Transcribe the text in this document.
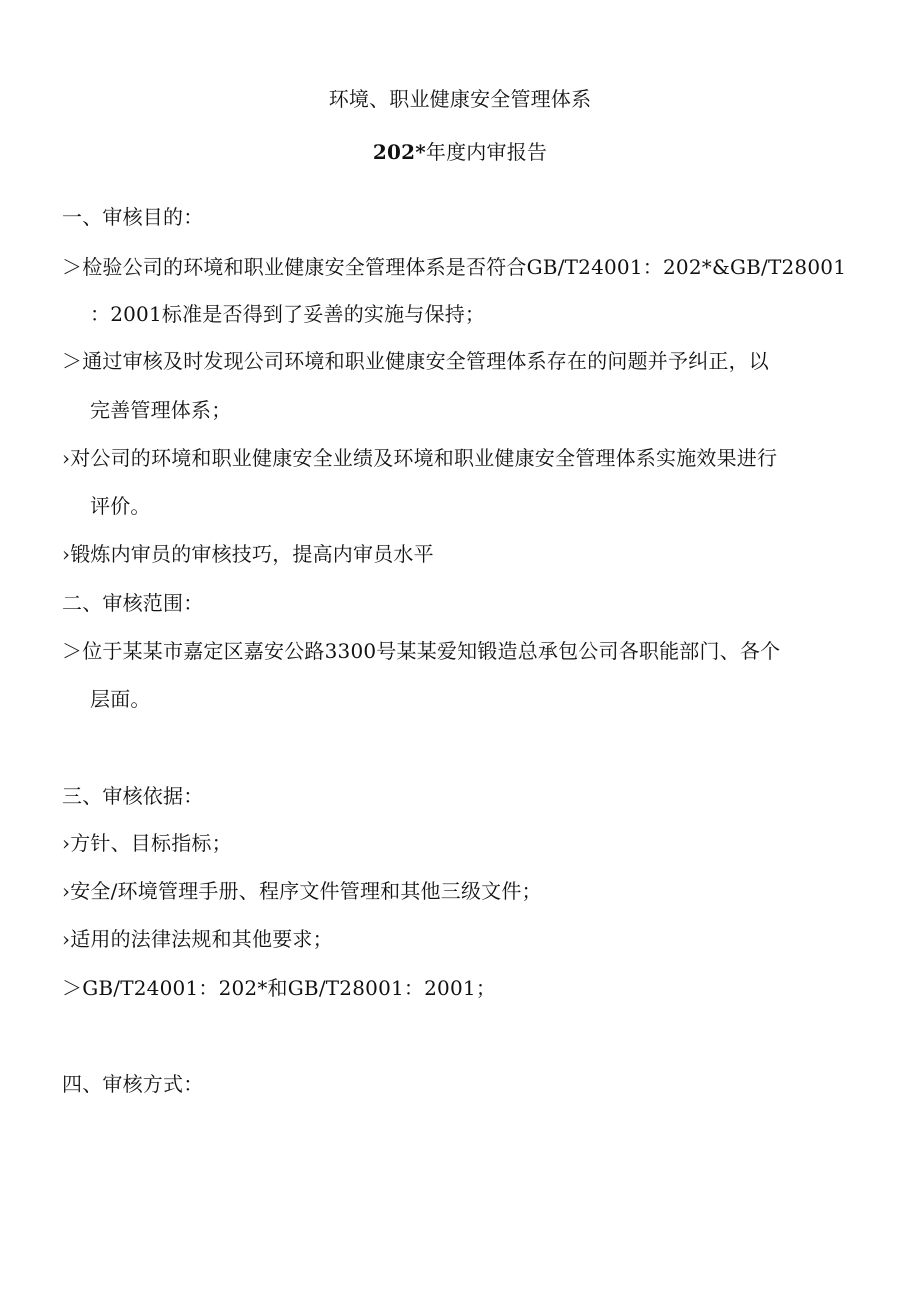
环境、职业健康安全管理体系
202*年度内审报告
一、审核目的：
＞检验公司的环境和职业健康安全管理体系是否符合GB/T24001：202*&GB/T28001
：2001标准是否得到了妥善的实施与保持；
＞通过审核及时发现公司环境和职业健康安全管理体系存在的问题并予纠正，以
完善管理体系；
›对公司的环境和职业健康安全业绩及环境和职业健康安全管理体系实施效果进行
评价。
›锻炼内审员的审核技巧，提高内审员水平
二、审核范围：
＞位于某某市嘉定区嘉安公路3300号某某爱知锻造总承包公司各职能部门、各个
层面。
三、审核依据：
›方针、目标指标；
›安全/环境管理手册、程序文件管理和其他三级文件；
›适用的法律法规和其他要求；
＞GB/T24001：202*和GB/T28001：2001；
四、审核方式：
